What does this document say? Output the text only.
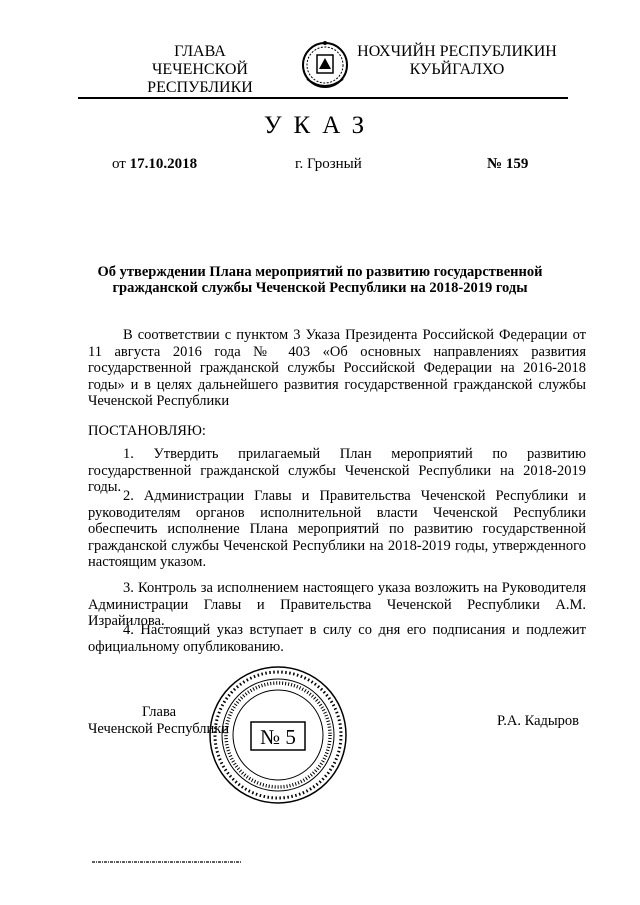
ГЛАВА
ЧЕЧЕНСКОЙ РЕСПУБЛИКИ
НОХЧИЙН РЕСПУБЛИКИН
КУЬЙГАЛХО
УКАЗ
от 17.10.2018	г. Грозный	№ 159
Об утверждении Плана мероприятий по развитию государственной гражданской службы Чеченской Республики на 2018-2019 годы
В соответствии с пунктом 3 Указа Президента Российской Федерации от 11 августа 2016 года № 403 «Об основных направлениях развития государственной гражданской службы Российской Федерации на 2016-2018 годы» и в целях дальнейшего развития государственной гражданской службы Чеченской Республики
ПОСТАНОВЛЯЮ:
1. Утвердить прилагаемый План мероприятий по развитию государственной гражданской службы Чеченской Республики на 2018-2019 годы.
2. Администрации Главы и Правительства Чеченской Республики и руководителям органов исполнительной власти Чеченской Республики обеспечить исполнение Плана мероприятий по развитию государственной гражданской службы Чеченской Республики на 2018-2019 годы, утвержденного настоящим указом.
3. Контроль за исполнением настоящего указа возложить на Руководителя Администрации Главы и Правительства Чеченской Республики А.М. Израйилова.
4. Настоящий указ вступает в силу со дня его подписания и подлежит официальному опубликованию.
Глава
Чеченской Республики	№ 5
Р.А. Кадыров
